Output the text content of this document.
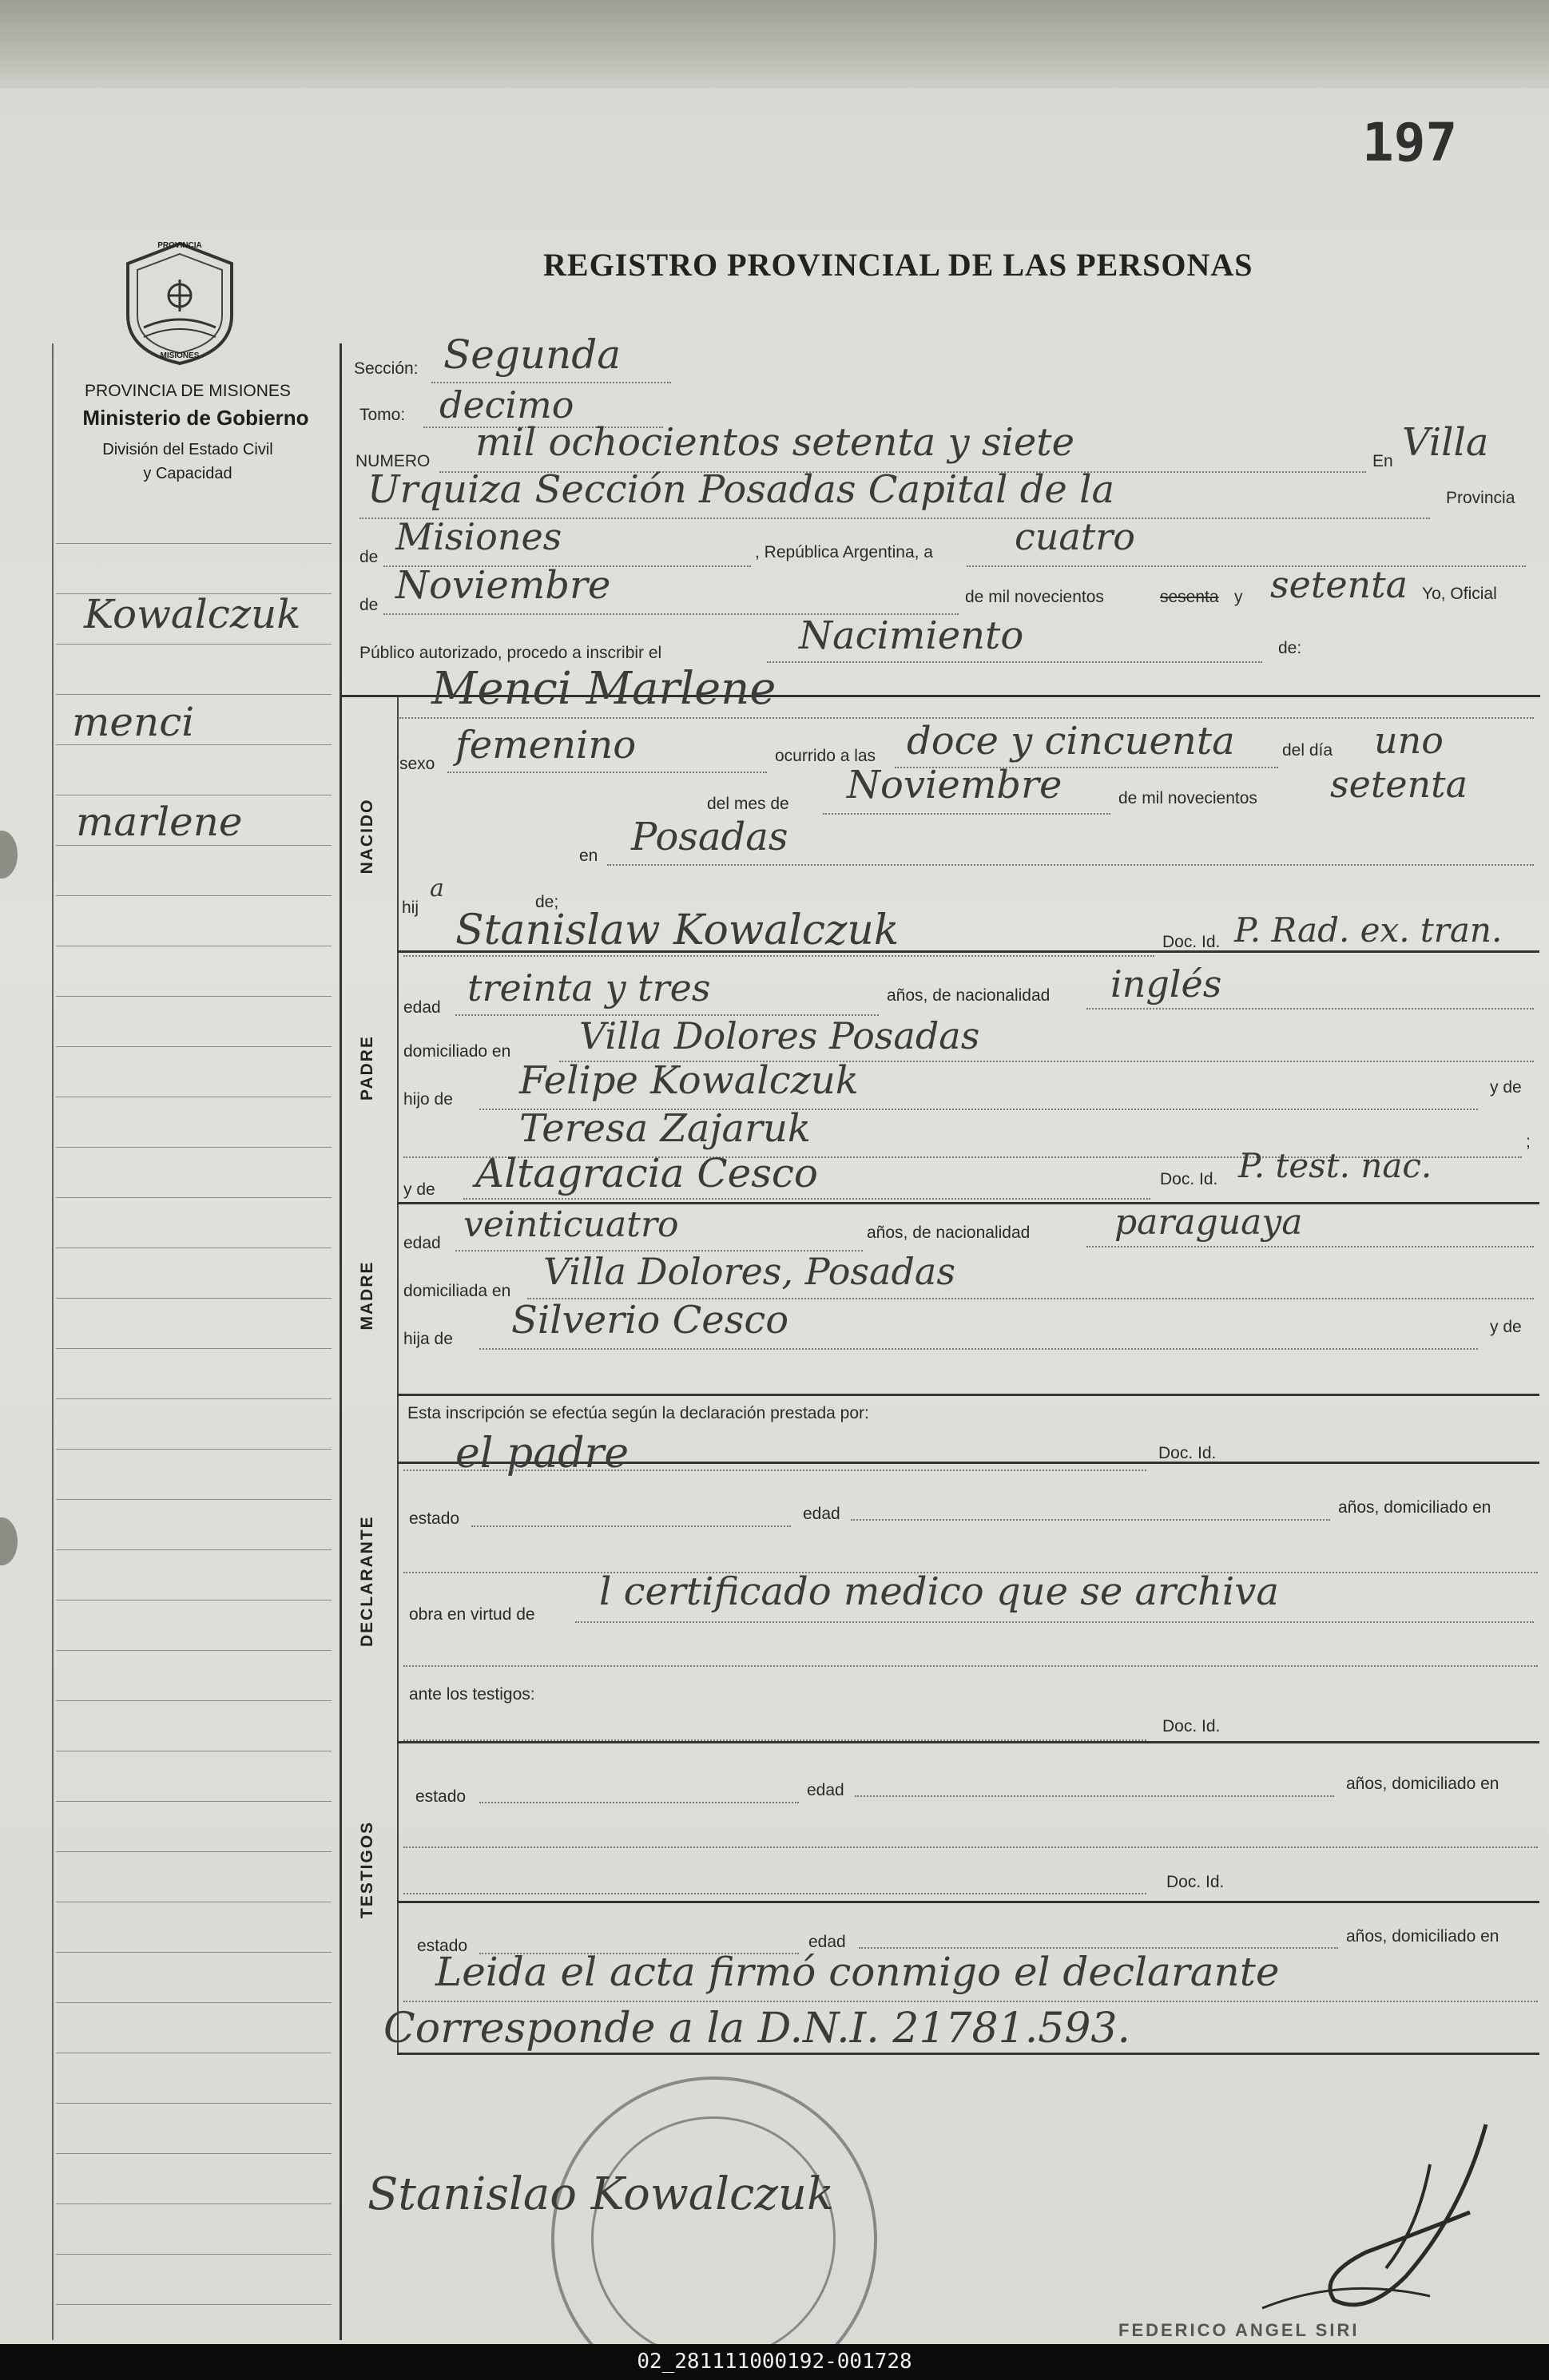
197
REGISTRO PROVINCIAL DE LAS PERSONAS
PROVINCIA
MISIONES
PROVINCIA DE MISIONES
Ministerio de Gobierno
División del Estado Civil
y Capacidad
Kowalczuk
menci
marlene	NACIDO
PADRE
MADRE
DECLARANTE
TESTIGOS
Sección: Segunda
Tomo: decimo
NUMERO mil ochocientos setenta y siete	En Villa
Urquiza Sección Posadas Capital de la	Provincia
de Misiones	, República Argentina, a cuatro
de Noviembre	de mil novecientos	sesenta y setenta Yo, Oficial
Público autorizado, procedo a inscribir el	Nacimiento	de:
Menci Marlene
sexo femenino	ocurrido a las doce y cincuenta	del día uno
del mes de Noviembre	de mil novecientos setenta
en Posadas
hij
a	de;
Stanislaw Kowalczuk	Doc. Id. P. Rad. ex. tran.
edad treinta y tres	años, de nacionalidad inglés
domiciliado en Villa Dolores Posadas
hijo de Felipe Kowalczuk	y de
Teresa Zajaruk	;
y de Altagracia Cesco	Doc. Id. P. test. nac.
edad veinticuatro	años, de nacionalidad paraguaya
domiciliada en Villa Dolores, Posadas
hija de Silverio Cesco	y de
Esta inscripción se efectúa según la declaración prestada por:
el padre	Doc. Id.
estado	edad	años, domiciliado en
obra en virtud de
l certificado medico que se archiva
ante los testigos:
Doc. Id.
estado	edad	años, domiciliado en
Doc. Id.
estado	edad	años, domiciliado en
Leida el acta firmó conmigo el declarante
Corresponde a la D.N.I. 21781.593.
Stanislao Kowalczuk
FEDERICO ANGEL SIRI
02_281111000192-001728
